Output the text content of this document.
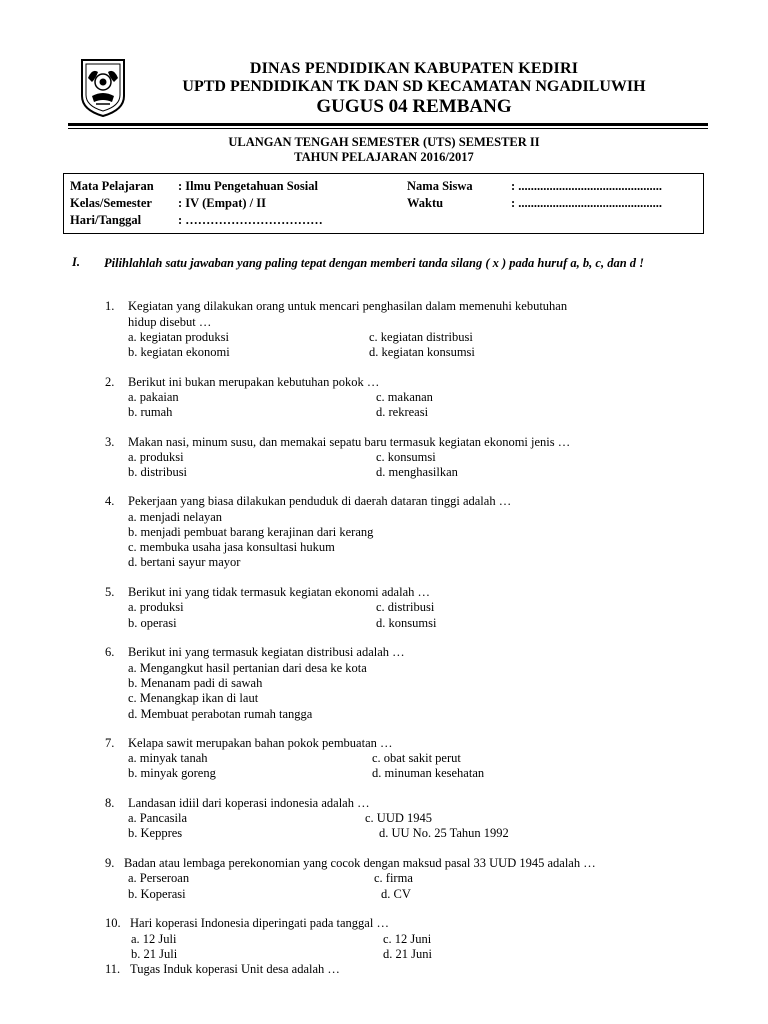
DINAS PENDIDIKAN KABUPATEN KEDIRI
UPTD PENDIDIKAN TK DAN SD KECAMATAN NGADILUWIH
GUGUS 04 REMBANG
ULANGAN TENGAH SEMESTER (UTS) SEMESTER II
TAHUN PELAJARAN 2016/2017
Mata Pelajaran : Ilmu Pengetahuan Sosial
Kelas/Semester : IV (Empat) / II
Hari/Tanggal	: ……………………………
Nama Siswa	: ..............................................
Waktu	: ..............................................
I. Pilihlahlah satu jawaban yang paling tepat dengan memberi tanda silang ( x ) pada huruf a, b, c, dan d !
1. Kegiatan yang dilakukan orang untuk mencari penghasilan dalam memenuhi kebutuhan
hidup disebut …
a. kegiatan produksi
b. kegiatan ekonomi
c. kegiatan distribusi
d. kegiatan konsumsi
2. Berikut ini bukan merupakan kebutuhan pokok …
a. pakaian
b. rumah
c. makanan
d. rekreasi
3. Makan nasi, minum susu, dan memakai sepatu baru termasuk kegiatan ekonomi jenis …
a. produksi
b. distribusi
c. konsumsi
d. menghasilkan
4. Pekerjaan yang biasa dilakukan penduduk di daerah dataran tinggi adalah …
a. menjadi nelayan
b. menjadi pembuat barang kerajinan dari kerang
c. membuka usaha jasa konsultasi hukum
d. bertani sayur mayor
5. Berikut ini yang tidak termasuk kegiatan ekonomi adalah …
a. produksi
b. operasi
c. distribusi
d. konsumsi
6. Berikut ini yang termasuk kegiatan distribusi adalah …
a. Mengangkut hasil pertanian dari desa ke kota
b. Menanam padi di sawah
c. Menangkap ikan di laut
d. Membuat perabotan rumah tangga
7. Kelapa sawit merupakan bahan pokok pembuatan …
a. minyak tanah
b. minyak goreng
c. obat sakit perut
d. minuman kesehatan
8. Landasan idiil dari koperasi indonesia adalah …
a. Pancasila
b. Keppres
c. UUD 1945
d. UU No. 25 Tahun 1992
9. Badan atau lembaga perekonomian yang cocok dengan maksud pasal 33 UUD 1945 adalah …
a. Perseroan
b. Koperasi
c. firma
d. CV
10. Hari koperasi Indonesia diperingati pada tanggal …
a. 12 Juli
b. 21 Juli
c. 12 Juni
d. 21 Juni
11. Tugas Induk koperasi Unit desa adalah …
